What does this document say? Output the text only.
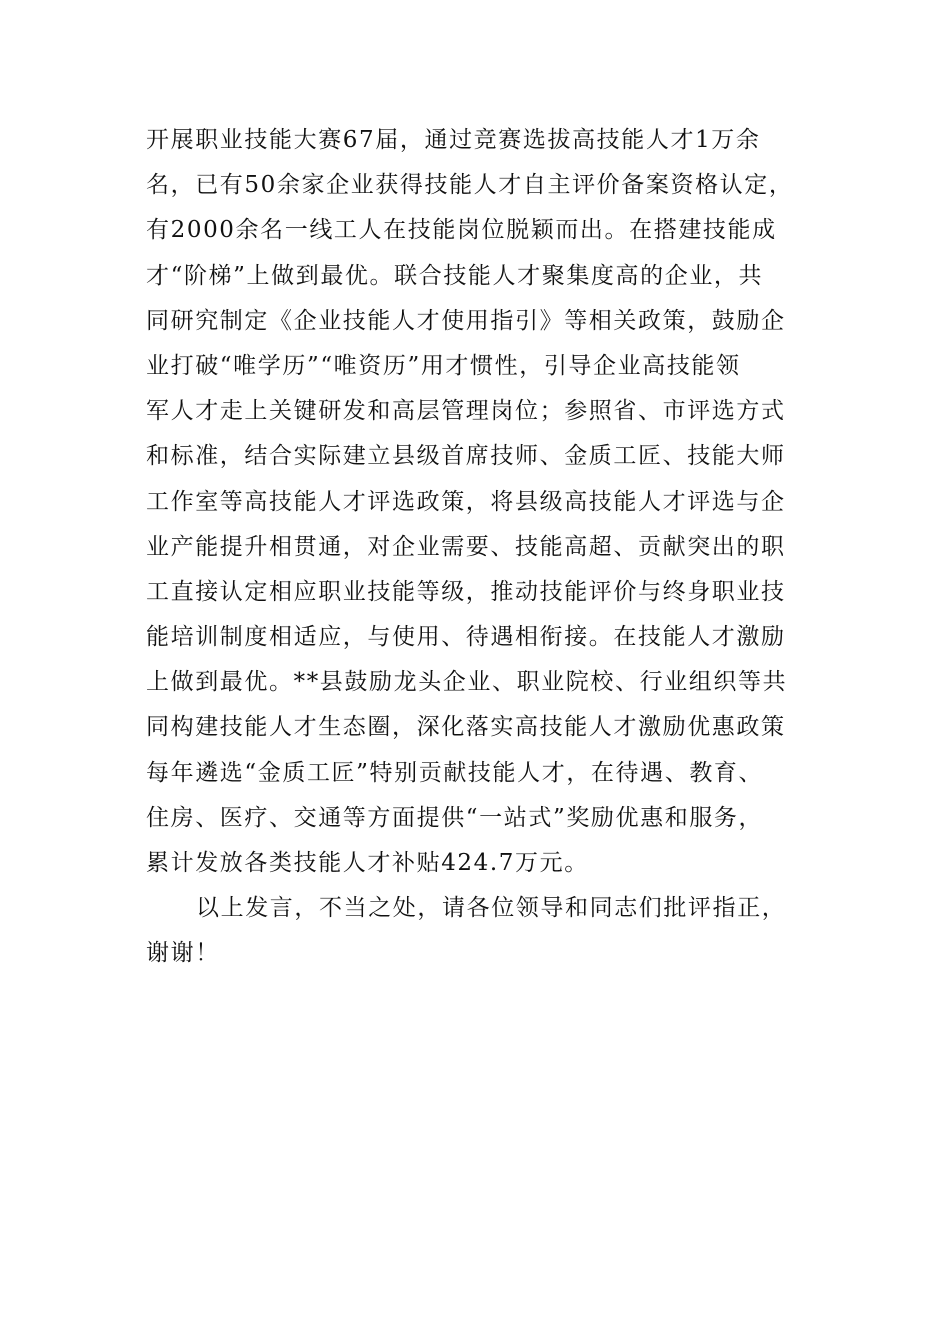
开展职业技能大赛67届，通过竞赛选拔高技能人才1万余
名，已有50余家企业获得技能人才自主评价备案资格认定，
有2000余名一线工人在技能岗位脱颖而出。在搭建技能成
才“阶梯”上做到最优。联合技能人才聚集度高的企业，共
同研究制定《企业技能人才使用指引》等相关政策，鼓励企
业打破“唯学历”“唯资历”用才惯性，引导企业高技能领
军人才走上关键研发和高层管理岗位；参照省、市评选方式
和标准，结合实际建立县级首席技师、金质工匠、技能大师
工作室等高技能人才评选政策，将县级高技能人才评选与企
业产能提升相贯通，对企业需要、技能高超、贡献突出的职
工直接认定相应职业技能等级，推动技能评价与终身职业技
能培训制度相适应，与使用、待遇相衔接。在技能人才激励
上做到最优。**县鼓励龙头企业、职业院校、行业组织等共
同构建技能人才生态圈，深化落实高技能人才激励优惠政策
每年遴选“金质工匠”特别贡献技能人才，在待遇、教育、
住房、医疗、交通等方面提供“一站式”奖励优惠和服务，
累计发放各类技能人才补贴424.7万元。
以上发言，不当之处，请各位领导和同志们批评指正，
谢谢！
